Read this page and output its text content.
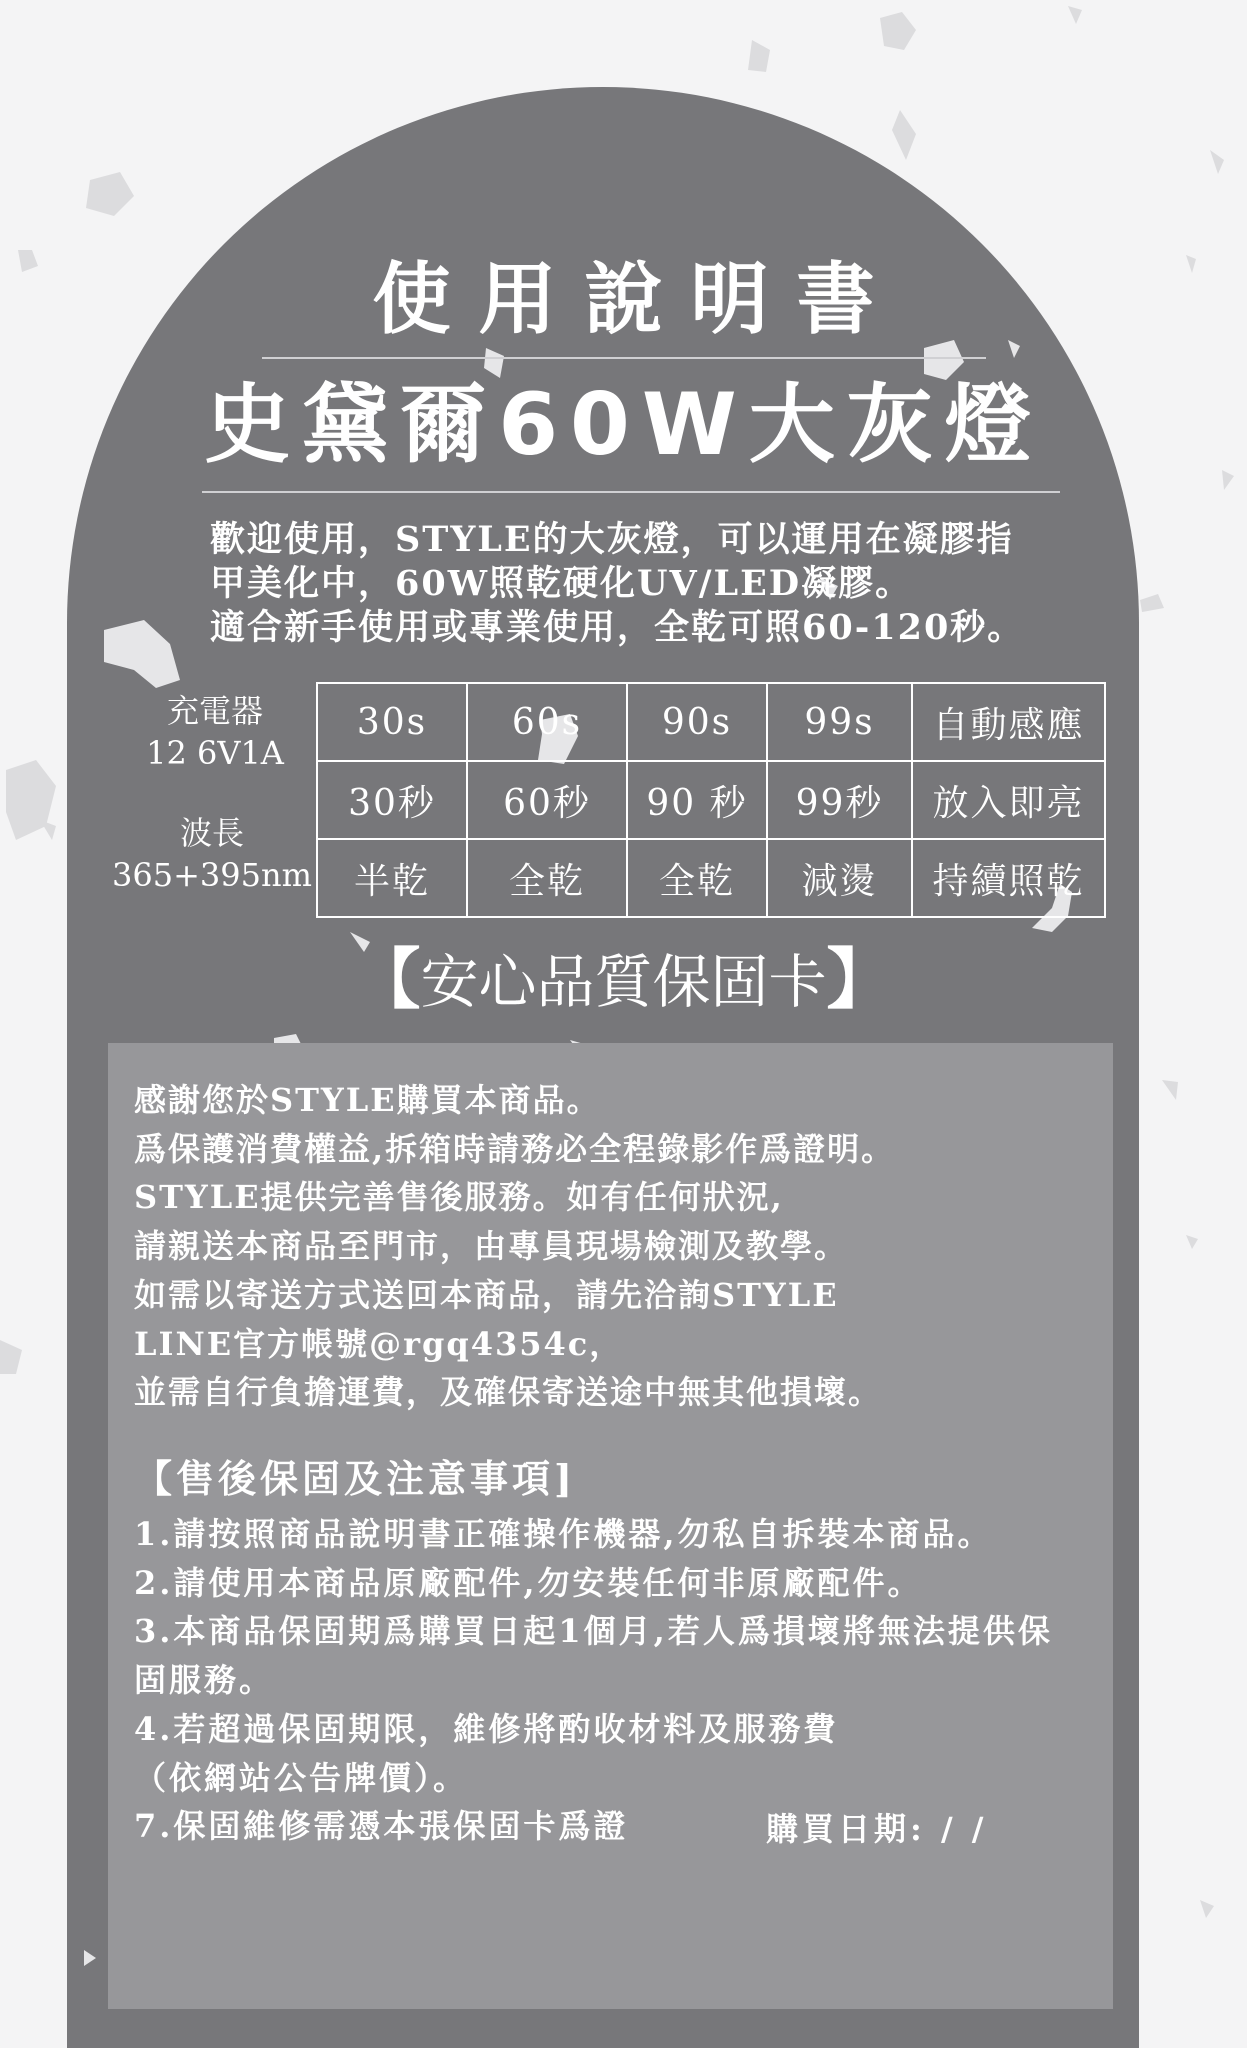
使用說明書
史黛爾60W大灰燈
歡迎使用，STYLE的大灰燈，可以運用在凝膠指
甲美化中，60W照乾硬化UV/LED凝膠。
適合新手使用或專業使用，全乾可照60-120秒。
充電器
12 6V1A
波長
365+395nm
30s	60s	90s	99s	自動感應
30秒	60秒	90 秒	99秒	放入即亮
半乾	全乾	全乾	減燙	持續照乾
【安心品質保固卡】
感謝您於STYLE購買本商品。
爲保護消費權益,拆箱時請務必全程錄影作爲證明。
STYLE提供完善售後服務。如有任何狀況,
請親送本商品至門市，由專員現場檢測及教學。
如需以寄送方式送回本商品，請先洽詢STYLE
LINE官方帳號@rgq4354c，
並需自行負擔運費，及確保寄送途中無其他損壞。
【售後保固及注意事項]
1.請按照商品說明書正確操作機器,勿私自拆裝本商品。
2.請使用本商品原廠配件,勿安裝任何非原廠配件。
3.本商品保固期爲購買日起1個月,若人爲損壞將無法提供保
固服務。
4.若超過保固期限，維修將酌收材料及服務費
（依網站公告牌價）。
7.保固維修需憑本張保固卡爲證	購買日期: / /
